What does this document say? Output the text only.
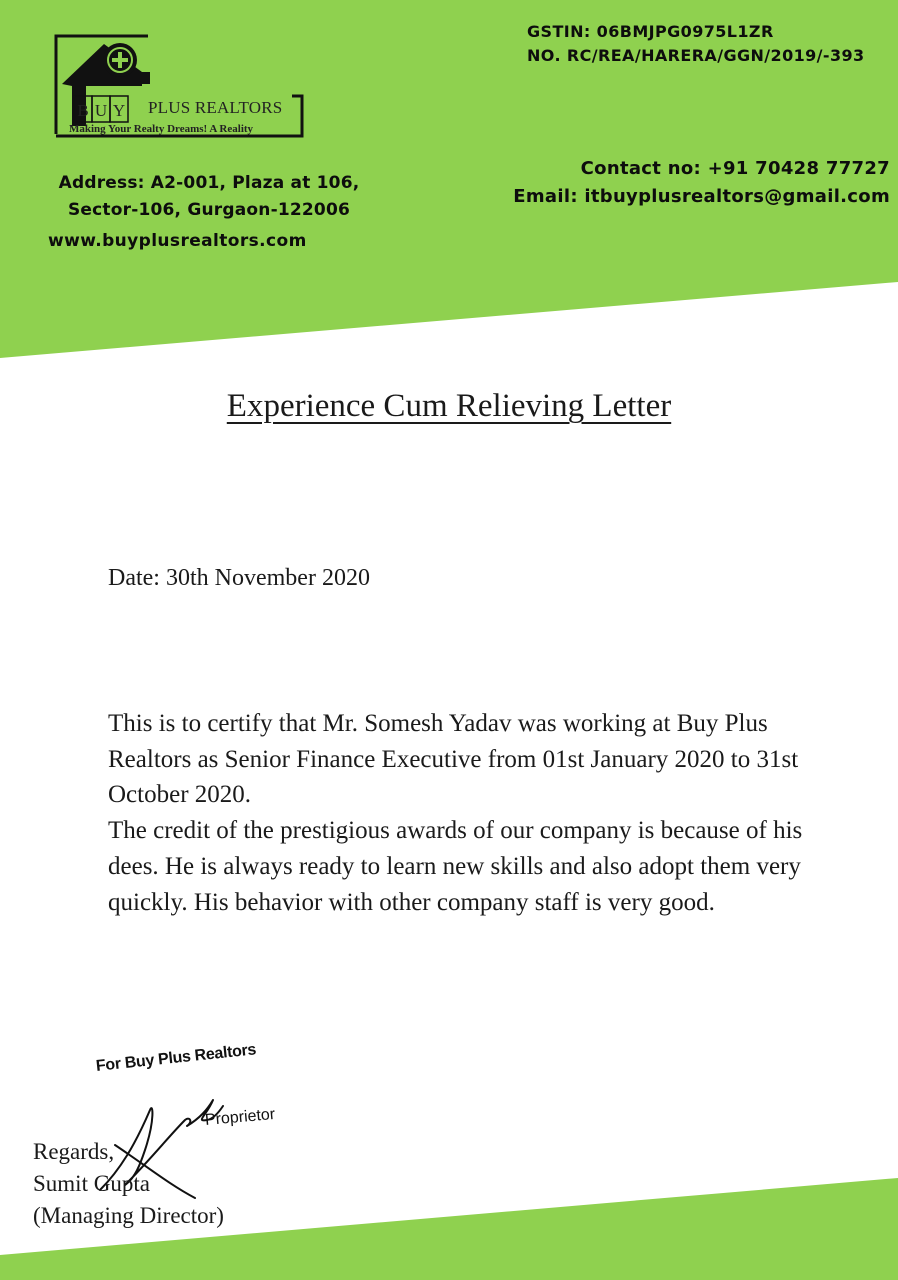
GSTIN: 06BMJPG0975L1ZR
NO. RC/REA/HARERA/GGN/2019/-393
B U Y PLUS REALTORS
Making Your Realty Dreams! A Reality
Contact no: +91 70428 77727
Email: itbuyplusrealtors@gmail.com
Address: A2-001, Plaza at 106,
Sector-106, Gurgaon-122006
www.buyplusrealtors.com
Experience Cum Relieving Letter
Date: 30th November 2020

This is to certify that Mr. Somesh Yadav was working at Buy Plus Realtors as Senior Finance Executive from 01st January 2020 to 31st October 2020.

The credit of the prestigious awards of our company is because of his dees. He is always ready to learn new skills and also adopt them very quickly. His behavior with other company staff is very good.

For Buy Plus Realtors
Proprietor
Regards,
Sumit Gupta
(Managing Director)
